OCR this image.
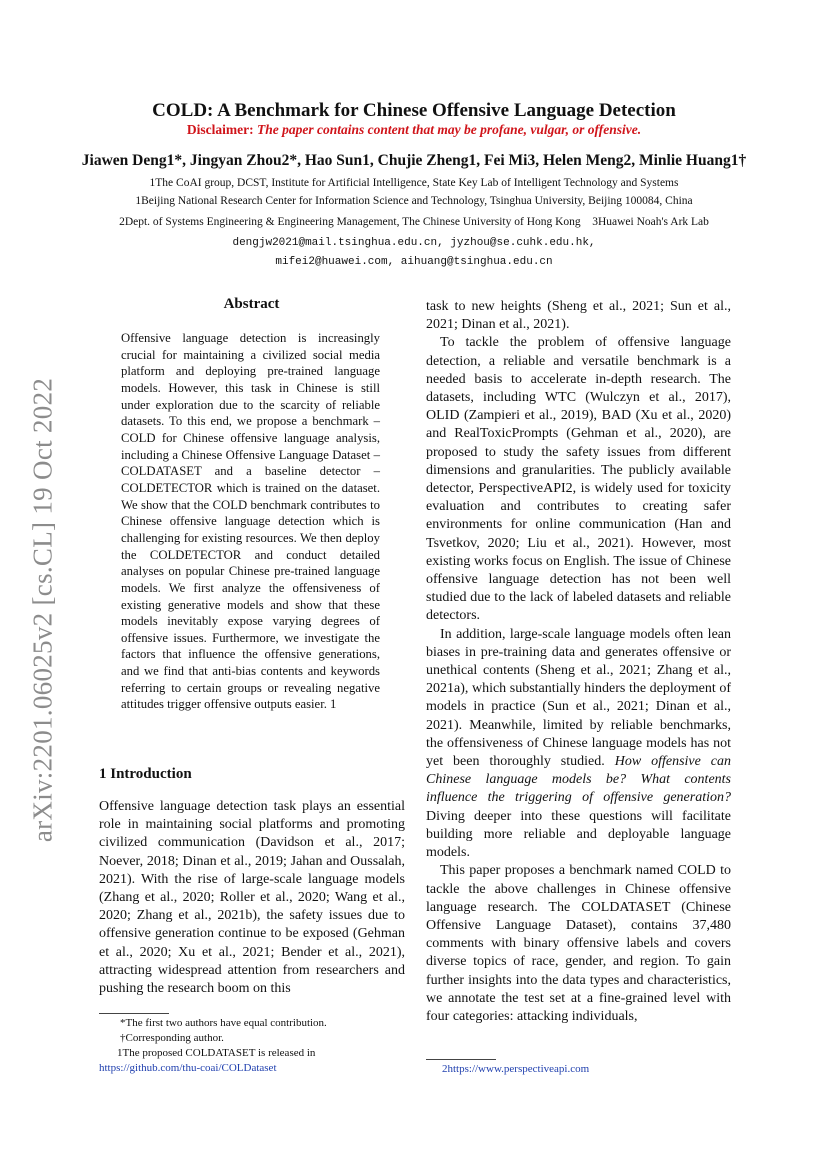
COLD: A Benchmark for Chinese Offensive Language Detection
Disclaimer: The paper contains content that may be profane, vulgar, or offensive.
Jiawen Deng1*, Jingyan Zhou2*, Hao Sun1, Chujie Zheng1, Fei Mi3, Helen Meng2, Minlie Huang1†
1The CoAI group, DCST, Institute for Artificial Intelligence, State Key Lab of Intelligent Technology and Systems
1Beijing National Research Center for Information Science and Technology, Tsinghua University, Beijing 100084, China
2Dept. of Systems Engineering & Engineering Management, The Chinese University of Hong Kong 3Huawei Noah's Ark Lab
dengjw2021@mail.tsinghua.edu.cn, jyzhou@se.cuhk.edu.hk,
mifei2@huawei.com, aihuang@tsinghua.edu.cn
arXiv:2201.06025v2 [cs.CL] 19 Oct 2022
Abstract
Offensive language detection is increasingly crucial for maintaining a civilized social media platform and deploying pre-trained language models. However, this task in Chinese is still under exploration due to the scarcity of reliable datasets. To this end, we propose a benchmark – COLD for Chinese offensive language analysis, including a Chinese Offensive Language Dataset – COLDATASET and a baseline detector – COLDETECTOR which is trained on the dataset. We show that the COLD benchmark contributes to Chinese offensive language detection which is challenging for existing resources. We then deploy the COLDETECTOR and conduct detailed analyses on popular Chinese pre-trained language models. We first analyze the offensiveness of existing generative models and show that these models inevitably expose varying degrees of offensive issues. Furthermore, we investigate the factors that influence the offensive generations, and we find that anti-bias contents and keywords referring to certain groups or revealing negative attitudes trigger offensive outputs easier. 1
1 Introduction
Offensive language detection task plays an essential role in maintaining social platforms and promoting civilized communication (Davidson et al., 2017; Noever, 2018; Dinan et al., 2019; Jahan and Oussalah, 2021). With the rise of large-scale language models (Zhang et al., 2020; Roller et al., 2020; Wang et al., 2020; Zhang et al., 2021b), the safety issues due to offensive generation continue to be exposed (Gehman et al., 2020; Xu et al., 2021; Bender et al., 2021), attracting widespread attention from researchers and pushing the research boom on this
*The first two authors have equal contribution.
†Corresponding author.
1The proposed COLDATASET is released in https://github.com/thu-coai/COLDataset

task to new heights (Sheng et al., 2021; Sun et al., 2021; Dinan et al., 2021).

To tackle the problem of offensive language detection, a reliable and versatile benchmark is a needed basis to accelerate in-depth research. The datasets, including WTC (Wulczyn et al., 2017), OLID (Zampieri et al., 2019), BAD (Xu et al., 2020) and RealToxicPrompts (Gehman et al., 2020), are proposed to study the safety issues from different dimensions and granularities. The publicly available detector, PerspectiveAPI2, is widely used for toxicity evaluation and contributes to creating safer environments for online communication (Han and Tsvetkov, 2020; Liu et al., 2021). However, most existing works focus on English. The issue of Chinese offensive language detection has not been well studied due to the lack of labeled datasets and reliable detectors.

In addition, large-scale language models often lean biases in pre-training data and generates offensive or unethical contents (Sheng et al., 2021; Zhang et al., 2021a), which substantially hinders the deployment of models in practice (Sun et al., 2021; Dinan et al., 2021). Meanwhile, limited by reliable benchmarks, the offensiveness of Chinese language models has not yet been thoroughly studied. How offensive can Chinese language models be? What contents influence the triggering of offensive generation? Diving deeper into these questions will facilitate building more reliable and deployable language models.

This paper proposes a benchmark named COLD to tackle the above challenges in Chinese offensive language research. The COLDATASET (Chinese Offensive Language Dataset), contains 37,480 comments with binary offensive labels and covers diverse topics of race, gender, and region. To gain further insights into the data types and characteristics, we annotate the test set at a fine-grained level with four categories: attacking individuals,

2https://www.perspectiveapi.com
